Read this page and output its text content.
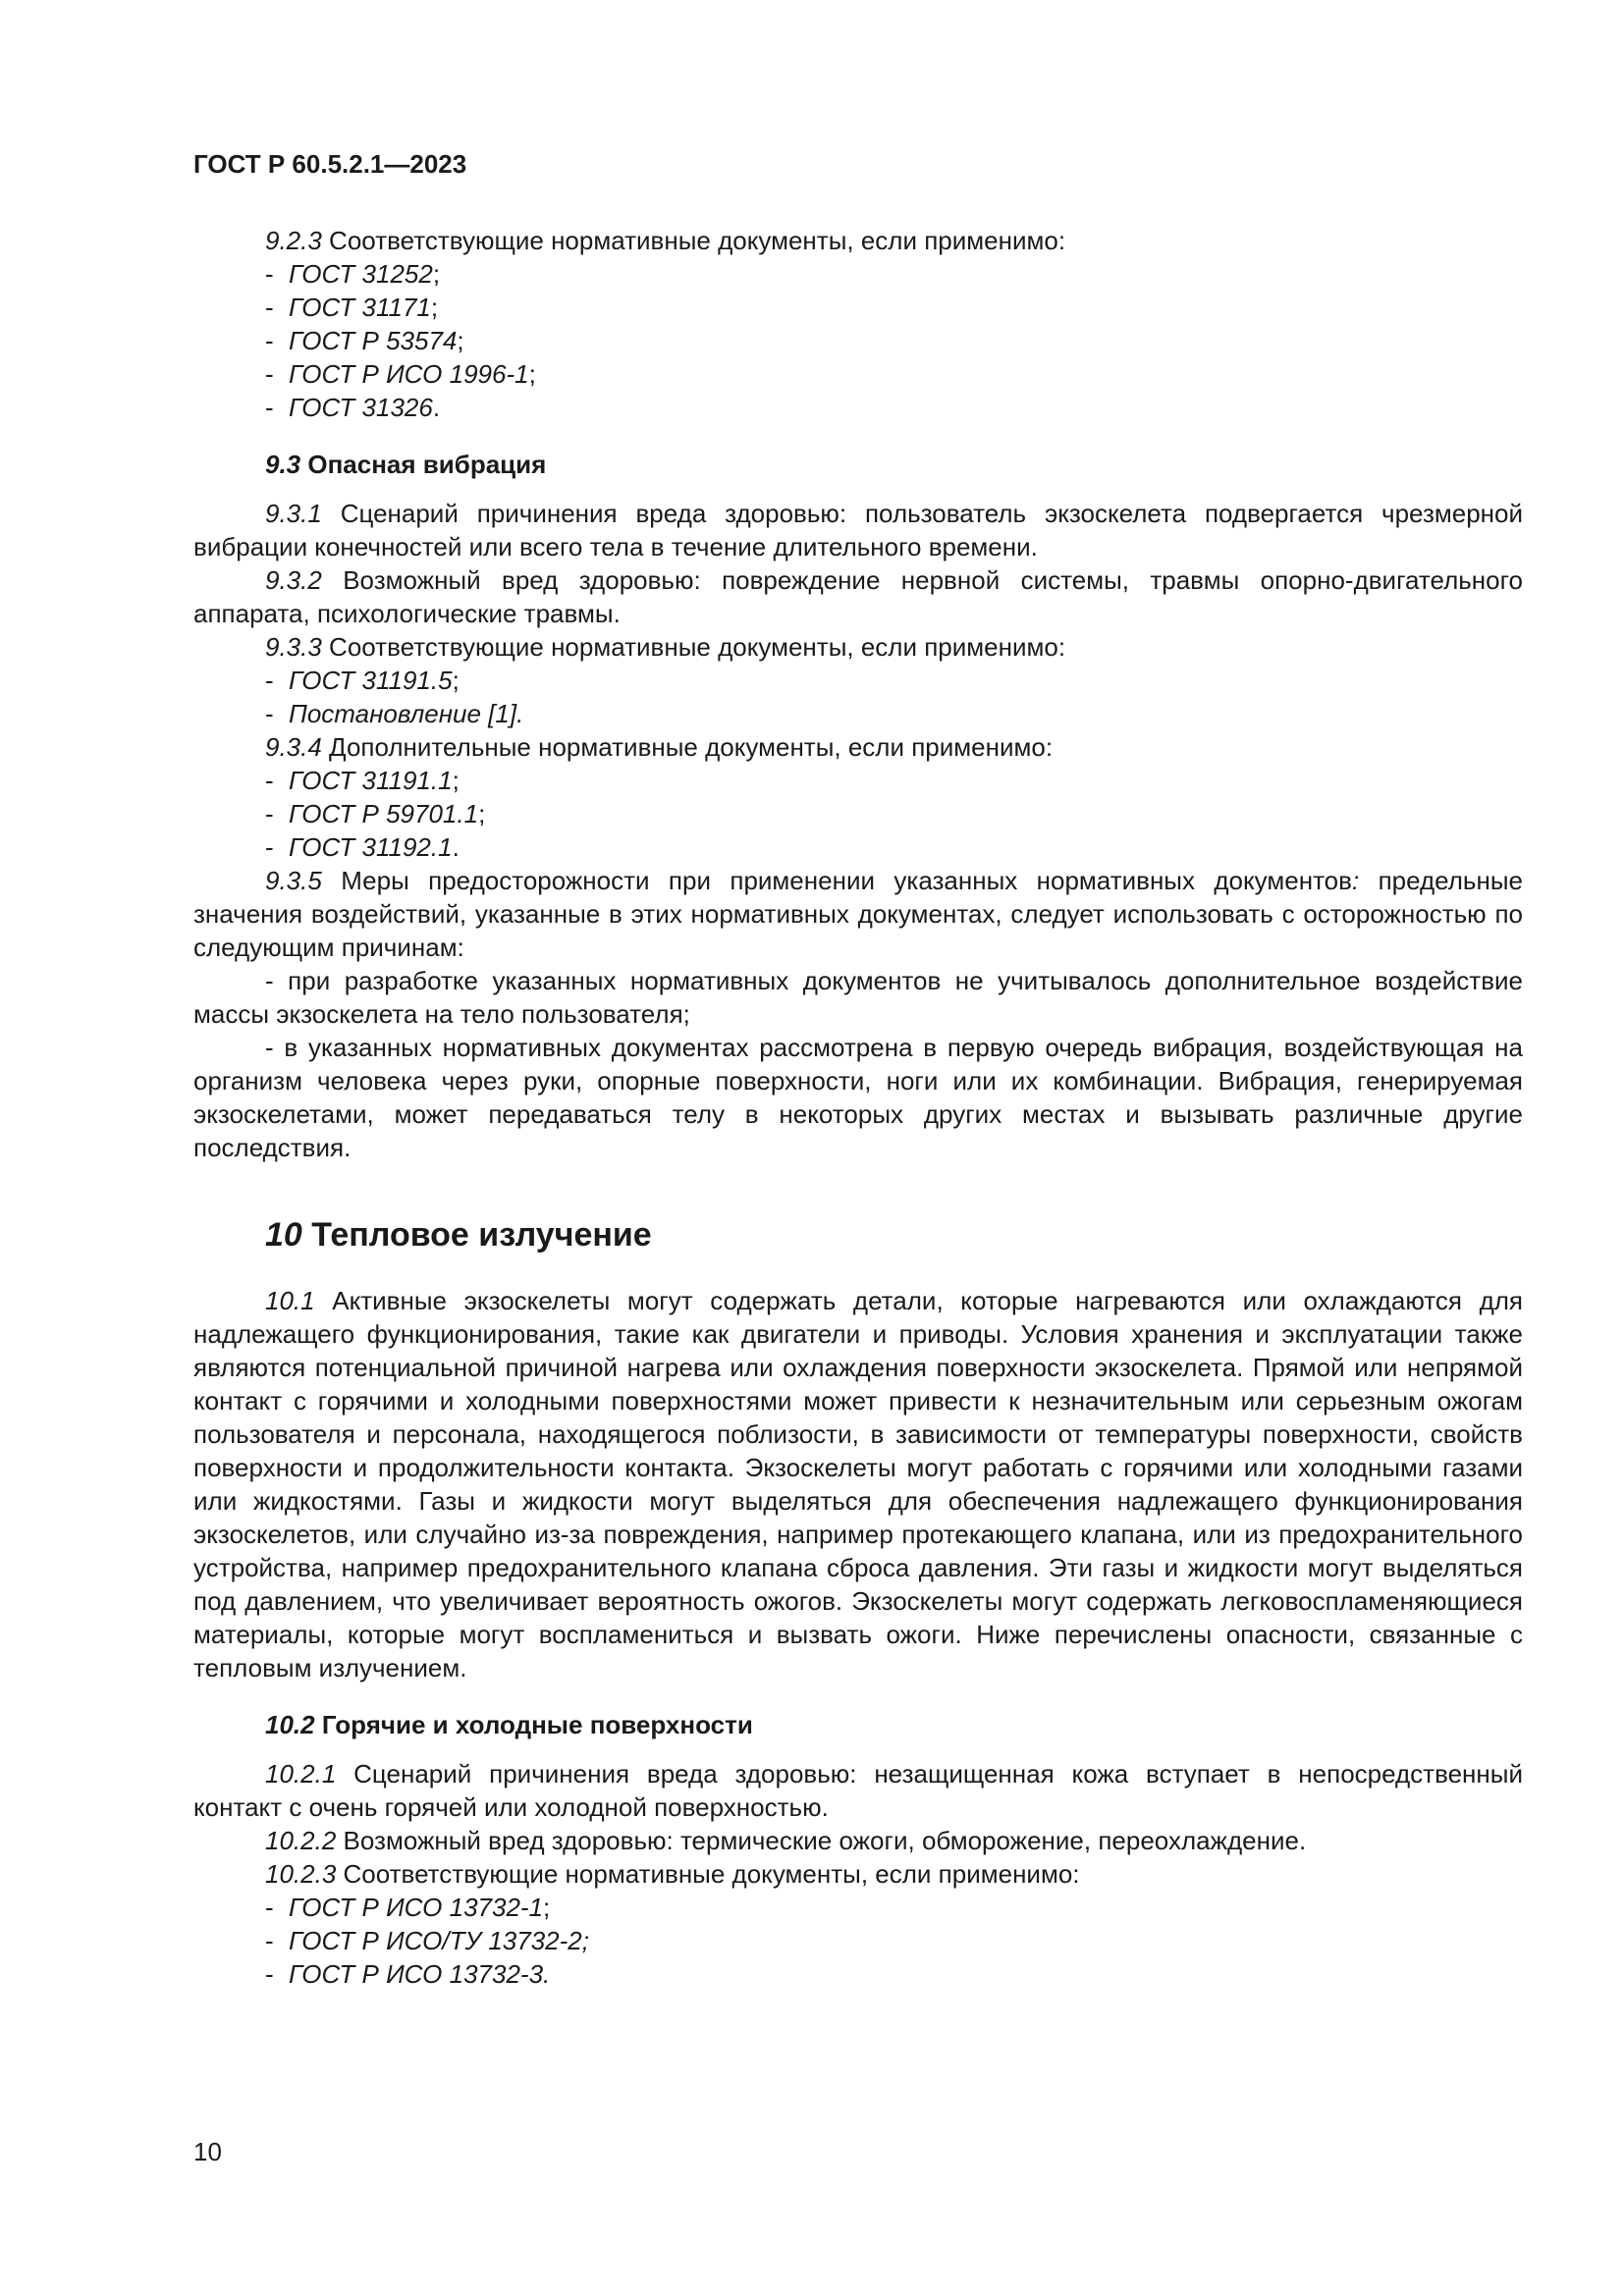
ГОСТ Р 60.5.2.1—2023

9.2.3 Соответствующие нормативные документы, если применимо:

- ГОСТ 31252;

- ГОСТ 31171;

- ГОСТ Р 53574;

- ГОСТ Р ИСО 1996-1;

- ГОСТ 31326.

9.3 Опасная вибрация

9.3.1 Сценарий причинения вреда здоровью: пользователь экзоскелета подвергается чрезмерной вибрации конечностей или всего тела в течение длительного времени.

9.3.2 Возможный вред здоровью: повреждение нервной системы, травмы опорно-двигательного аппарата, психологические травмы.

9.3.3 Соответствующие нормативные документы, если применимо:

- ГОСТ 31191.5;

- Постановление [1].

9.3.4 Дополнительные нормативные документы, если применимо:

- ГОСТ 31191.1;

- ГОСТ Р 59701.1;

- ГОСТ 31192.1.

9.3.5 Меры предосторожности при применении указанных нормативных документов: предельные значения воздействий, указанные в этих нормативных документах, следует использовать с осторожностью по следующим причинам:

- при разработке указанных нормативных документов не учитывалось дополнительное воздействие массы экзоскелета на тело пользователя;

- в указанных нормативных документах рассмотрена в первую очередь вибрация, воздействующая на организм человека через руки, опорные поверхности, ноги или их комбинации. Вибрация, генерируемая экзоскелетами, может передаваться телу в некоторых других местах и вызывать различные другие последствия.

10 Тепловое излучение

10.1 Активные экзоскелеты могут содержать детали, которые нагреваются или охлаждаются для надлежащего функционирования, такие как двигатели и приводы. Условия хранения и эксплуатации также являются потенциальной причиной нагрева или охлаждения поверхности экзоскелета. Прямой или непрямой контакт с горячими и холодными поверхностями может привести к незначительным или серьезным ожогам пользователя и персонала, находящегося поблизости, в зависимости от температуры поверхности, свойств поверхности и продолжительности контакта. Экзоскелеты могут работать с горячими или холодными газами или жидкостями. Газы и жидкости могут выделяться для обеспечения надлежащего функционирования экзоскелетов, или случайно из-за повреждения, например протекающего клапана, или из предохранительного устройства, например предохранительного клапана сброса давления. Эти газы и жидкости могут выделяться под давлением, что увеличивает вероятность ожогов. Экзоскелеты могут содержать легковоспламеняющиеся материалы, которые могут воспламениться и вызвать ожоги. Ниже перечислены опасности, связанные с тепловым излучением.

10.2 Горячие и холодные поверхности

10.2.1 Сценарий причинения вреда здоровью: незащищенная кожа вступает в непосредственный контакт с очень горячей или холодной поверхностью.

10.2.2 Возможный вред здоровью: термические ожоги, обморожение, переохлаждение.

10.2.3 Соответствующие нормативные документы, если применимо:

- ГОСТ Р ИСО 13732-1;

- ГОСТ Р ИСО/ТУ 13732-2;

- ГОСТ Р ИСО 13732-3.

10
